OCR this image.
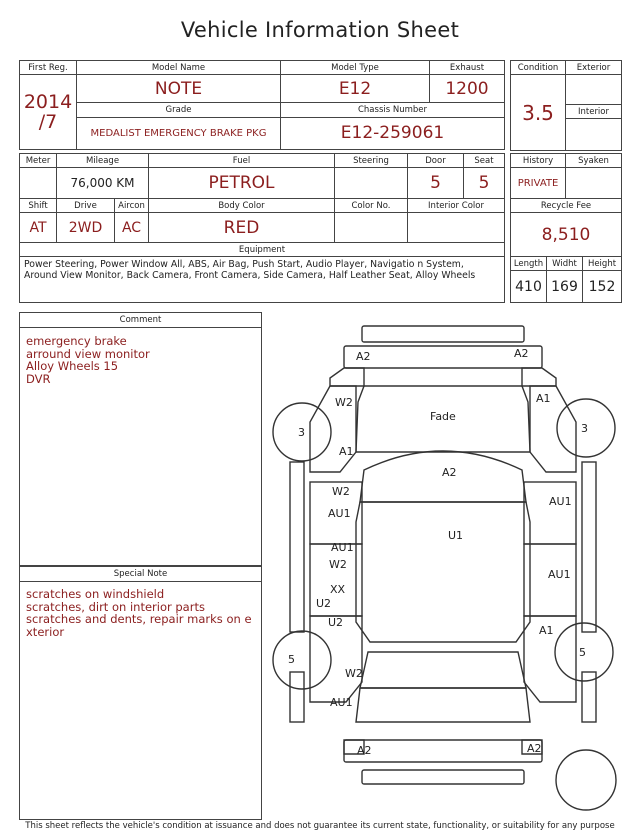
Vehicle Information Sheet
First Reg.	Model Name	Model Type	Exhaust

2014
/7	NOTE	E12	1200
	Grade	Chassis Number	
	MEDALIST EMERGENCY BRAKE PKG	E12-259061	
Condition	Exterior
3.5	
	Interior

Meter	Mileage		Fuel	Steering	Door	Seat
	76,000 KM		PETROL		5	5
Shift	Drive	Aircon	Body Color	Color No.	Interior Color	
AT	2WD	AC	RED			
Equipment						

Power Steering, Power Window All, ABS, Air Bag, Push Start, Audio Player, Navigatio n System, Around View Monitor, Back Camera, Front Camera, Side Camera, Half Leather Seat, Alloy Wheels						
History		Syaken	
PRIVATE			
Recycle Fee			
8,510			
Length	Widht		Height
410	169		152
Comment
emergency brake
arround view monitor
Alloy Wheels 15
DVR
Special Note
scratches on windshield
scratches, dirt on interior parts
scratches and dents, repair marks on e
xterior
A2	A2
W2
A1
A1
3	3
Fade
A2
W2
AU1
AU1
U1
AU1
W2
XX
U2
U2
AU1
A1
5
5
W2
AU1
A2	A2
This sheet reflects the vehicle's condition at issuance and does not guarantee its current state, functionality, or suitability for any purpose
